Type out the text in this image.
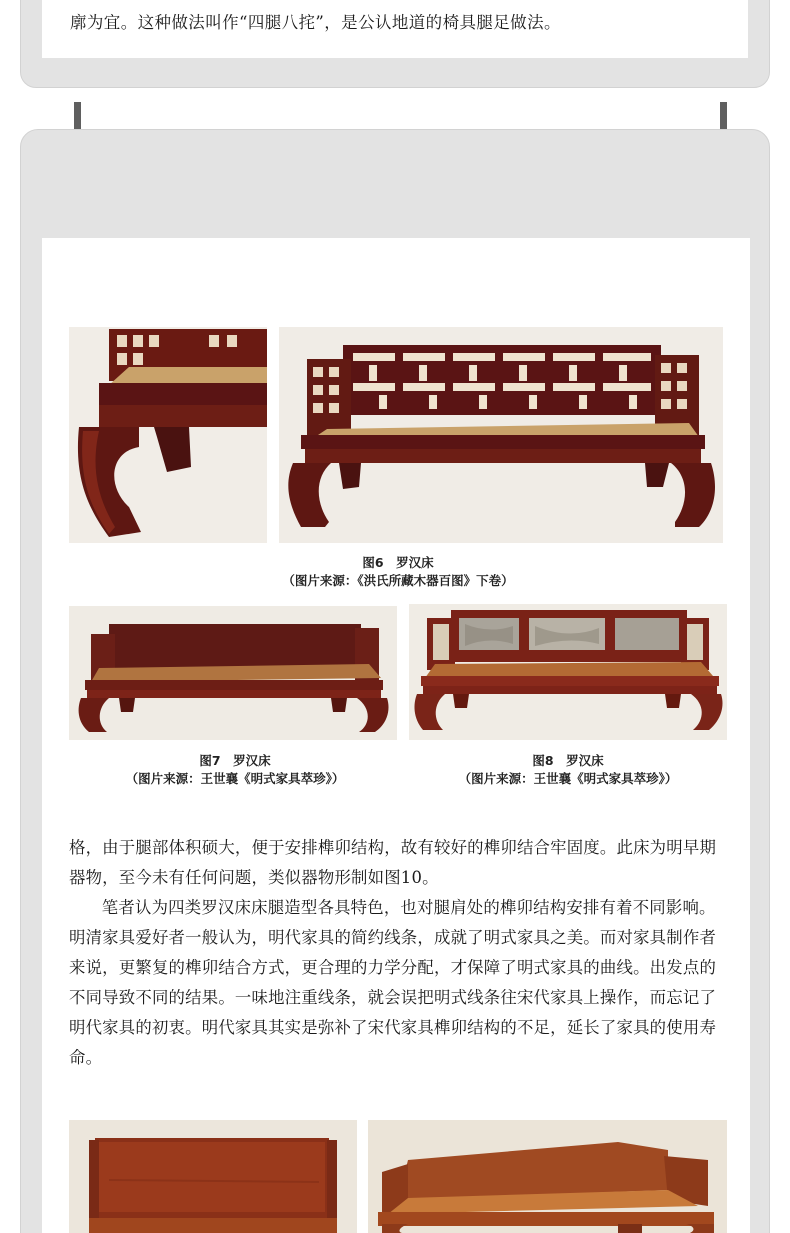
廓为宜。这种做法叫作“四腿八挓”，是公认地道的椅具腿足做法。
图6　罗汉床
（图片来源：《洪氏所藏木器百图》下卷）
图7　罗汉床
（图片来源：王世襄《明式家具萃珍》）
图8　罗汉床
（图片来源：王世襄《明式家具萃珍》）

格，由于腿部体积硕大，便于安排榫卯结构，故有较好的榫卯结合牢固度。此床为明早期器物，至今未有任何问题，类似器物形制如图10。

笔者认为四类罗汉床床腿造型各具特色，也对腿肩处的榫卯结构安排有着不同影响。明清家具爱好者一般认为，明代家具的简约线条，成就了明式家具之美。而对家具制作者来说，更繁复的榫卯结合方式，更合理的力学分配，才保障了明式家具的曲线。出发点的不同导致不同的结果。一味地注重线条，就会误把明式线条往宋代家具上操作，而忘记了明代家具的初衷。明代家具其实是弥补了宋代家具榫卯结构的不足，延长了家具的使用寿命。
